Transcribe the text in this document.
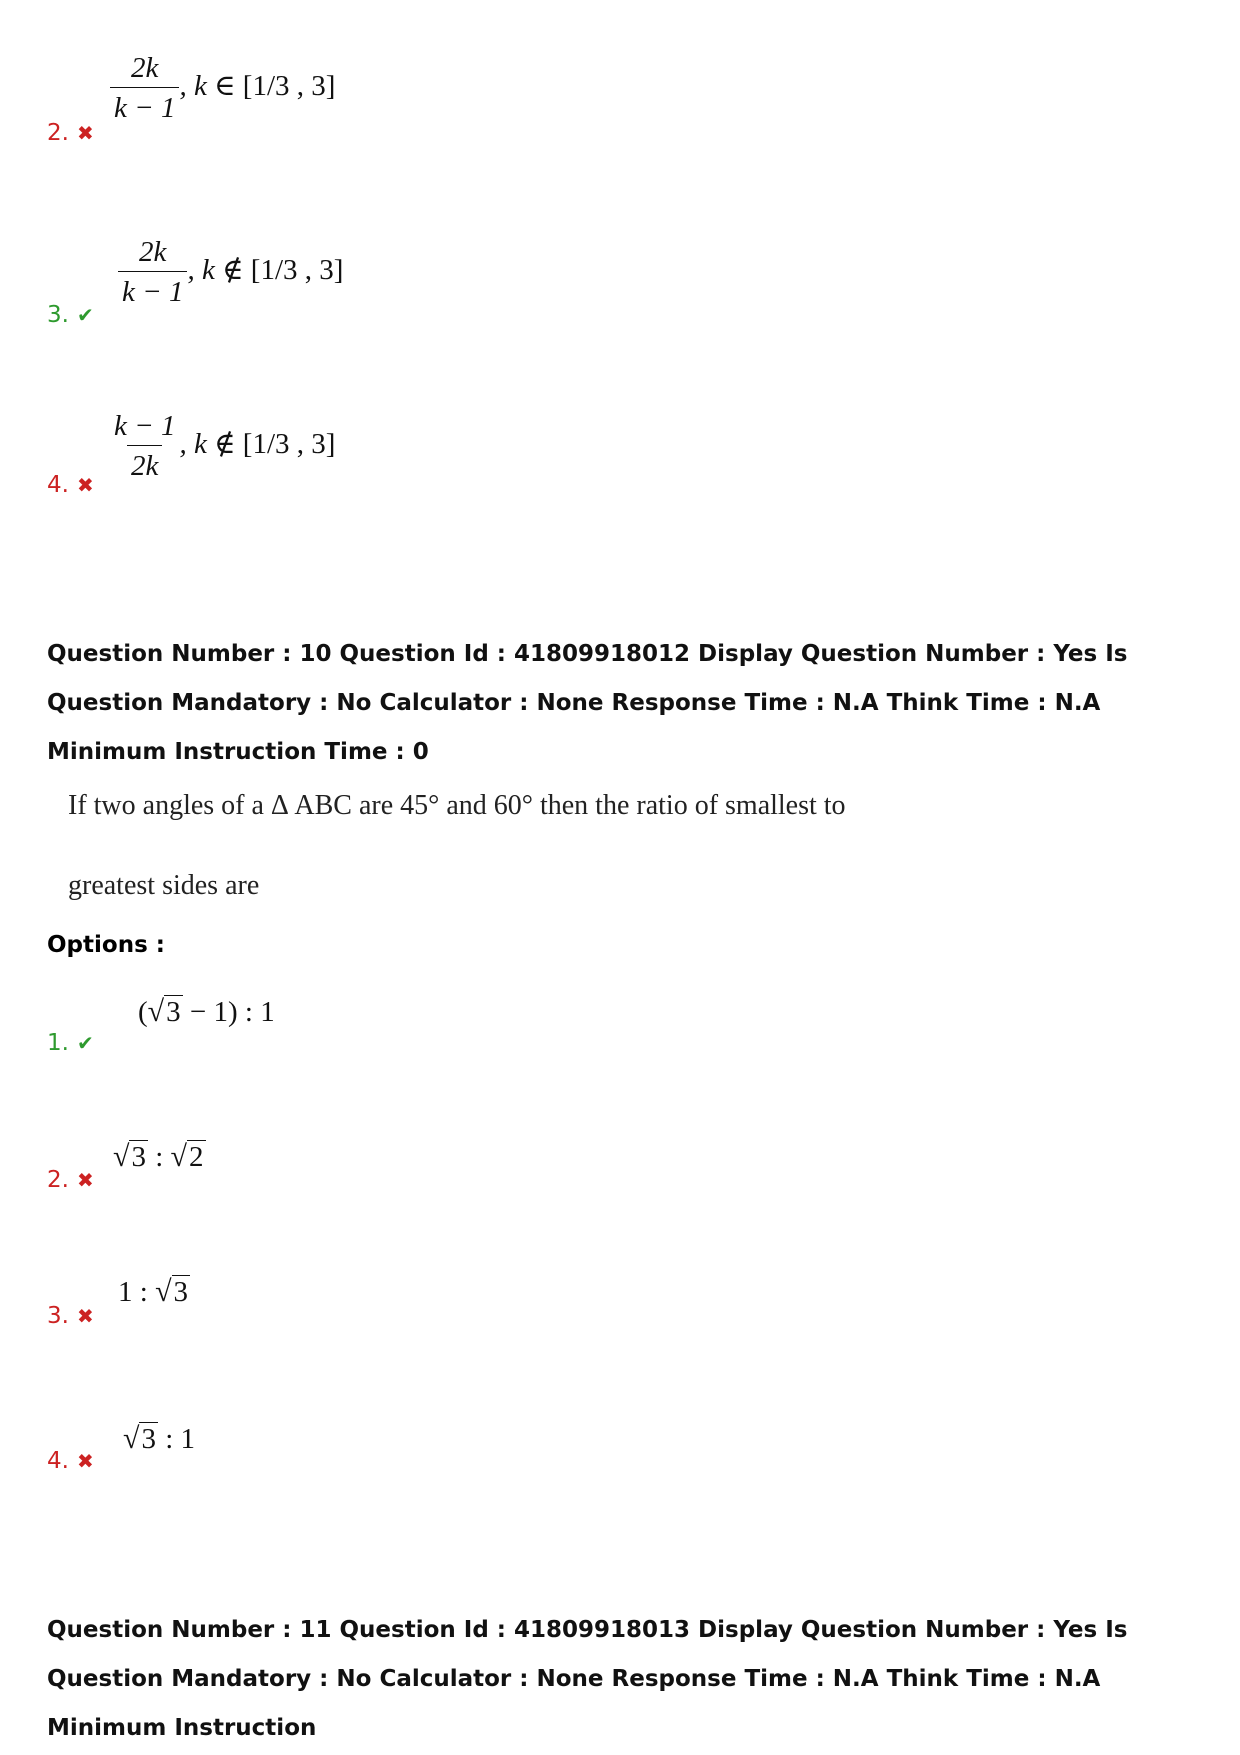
2. ✖
$\frac{2k}{k - 1}$ , k ∈ [1/3 , 3]
3. ✔
$\frac{2k}{k - 1}$ , k ∉ [1/3 , 3]
4. ✖
$\frac{k - 1}{2k}$ , k ∉ [1/3 , 3]
Question Number : 10 Question Id : 41809918012 Display Question Number : Yes Is Question Mandatory : No Calculator : None Response Time : N.A Think Time : N.A Minimum Instruction Time : 0
If two angles of a Δ ABC are 45° and 60° then the ratio of smallest to
greatest sides are
Options :
1. ✔
(√3 − 1) : 1
2. ✖
√3 : √2
3. ✖
1 : √3
4. ✖
√3 : 1
Question Number : 11 Question Id : 41809918013 Display Question Number : Yes Is Question Mandatory : No Calculator : None Response Time : N.A Think Time : N.A Minimum Instruction
